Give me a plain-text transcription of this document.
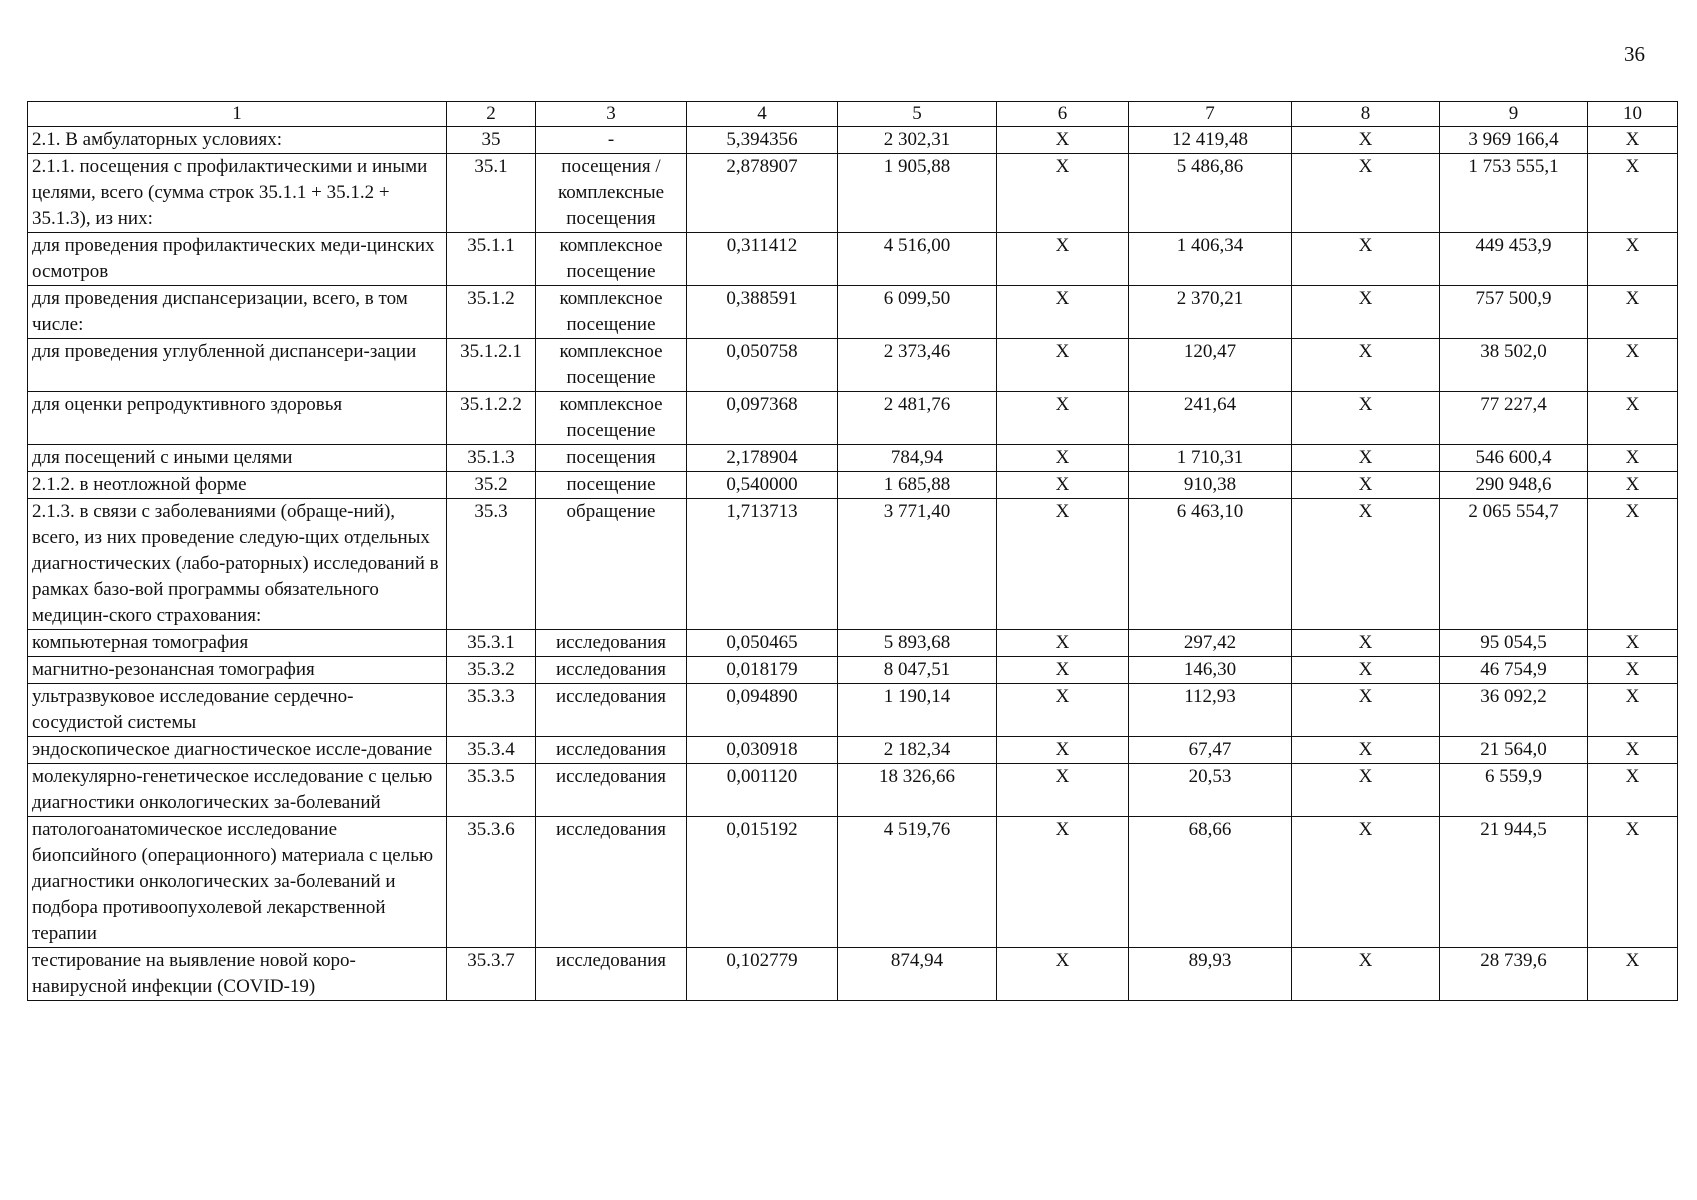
36
1	2	3	4	5	6	7	8	9	10
2.1. В амбулаторных условиях:	35	-	5,394356	2 302,31	X	12 419,48	X	3 969 166,4	X
2.1.1. посещения с профилактическими и иными целями, всего (сумма строк 35.1.1 + 35.1.2 + 35.1.3), из них:	35.1	посещения / комплексные посещения	2,878907	1 905,88	X	5 486,86	X	1 753 555,1	X
для проведения профилактических меди-цинских осмотров	35.1.1	комплексное посещение	0,311412	4 516,00	X	1 406,34	X	449 453,9	X
для проведения диспансеризации, всего, в том числе:	35.1.2	комплексное посещение	0,388591	6 099,50	X	2 370,21	X	757 500,9	X
для проведения углубленной диспансери-зации	35.1.2.1	комплексное посещение	0,050758	2 373,46	X	120,47	X	38 502,0	X
для оценки репродуктивного здоровья	35.1.2.2	комплексное посещение	0,097368	2 481,76	X	241,64	X	77 227,4	X
для посещений с иными целями	35.1.3	посещения	2,178904	784,94	X	1 710,31	X	546 600,4	X
2.1.2. в неотложной форме	35.2	посещение	0,540000	1 685,88	X	910,38	X	290 948,6	X
2.1.3. в связи с заболеваниями (обраще-ний), всего, из них проведение следую-щих отдельных диагностических (лабо-раторных) исследований в рамках базо-вой программы обязательного медицин-ского страхования:	35.3	обращение	1,713713	3 771,40	X	6 463,10	X	2 065 554,7	X
компьютерная томография	35.3.1	исследования	0,050465	5 893,68	X	297,42	X	95 054,5	X
магнитно-резонансная томография	35.3.2	исследования	0,018179	8 047,51	X	146,30	X	46 754,9	X
ультразвуковое исследование сердечно-сосудистой системы	35.3.3	исследования	0,094890	1 190,14	X	112,93	X	36 092,2	X
эндоскопическое диагностическое иссле-дование	35.3.4	исследования	0,030918	2 182,34	X	67,47	X	21 564,0	X
молекулярно-генетическое исследование с целью диагностики онкологических за-болеваний	35.3.5	исследования	0,001120	18 326,66	X	20,53	X	6 559,9	X
патологоанатомическое исследование биопсийного (операционного) материала с целью диагностики онкологических за-болеваний и подбора противоопухолевой лекарственной терапии	35.3.6	исследования	0,015192	4 519,76	X	68,66	X	21 944,5	X
тестирование на выявление новой коро-навирусной инфекции (COVID-19)	35.3.7	исследования	0,102779	874,94	X	89,93	X	28 739,6	X
